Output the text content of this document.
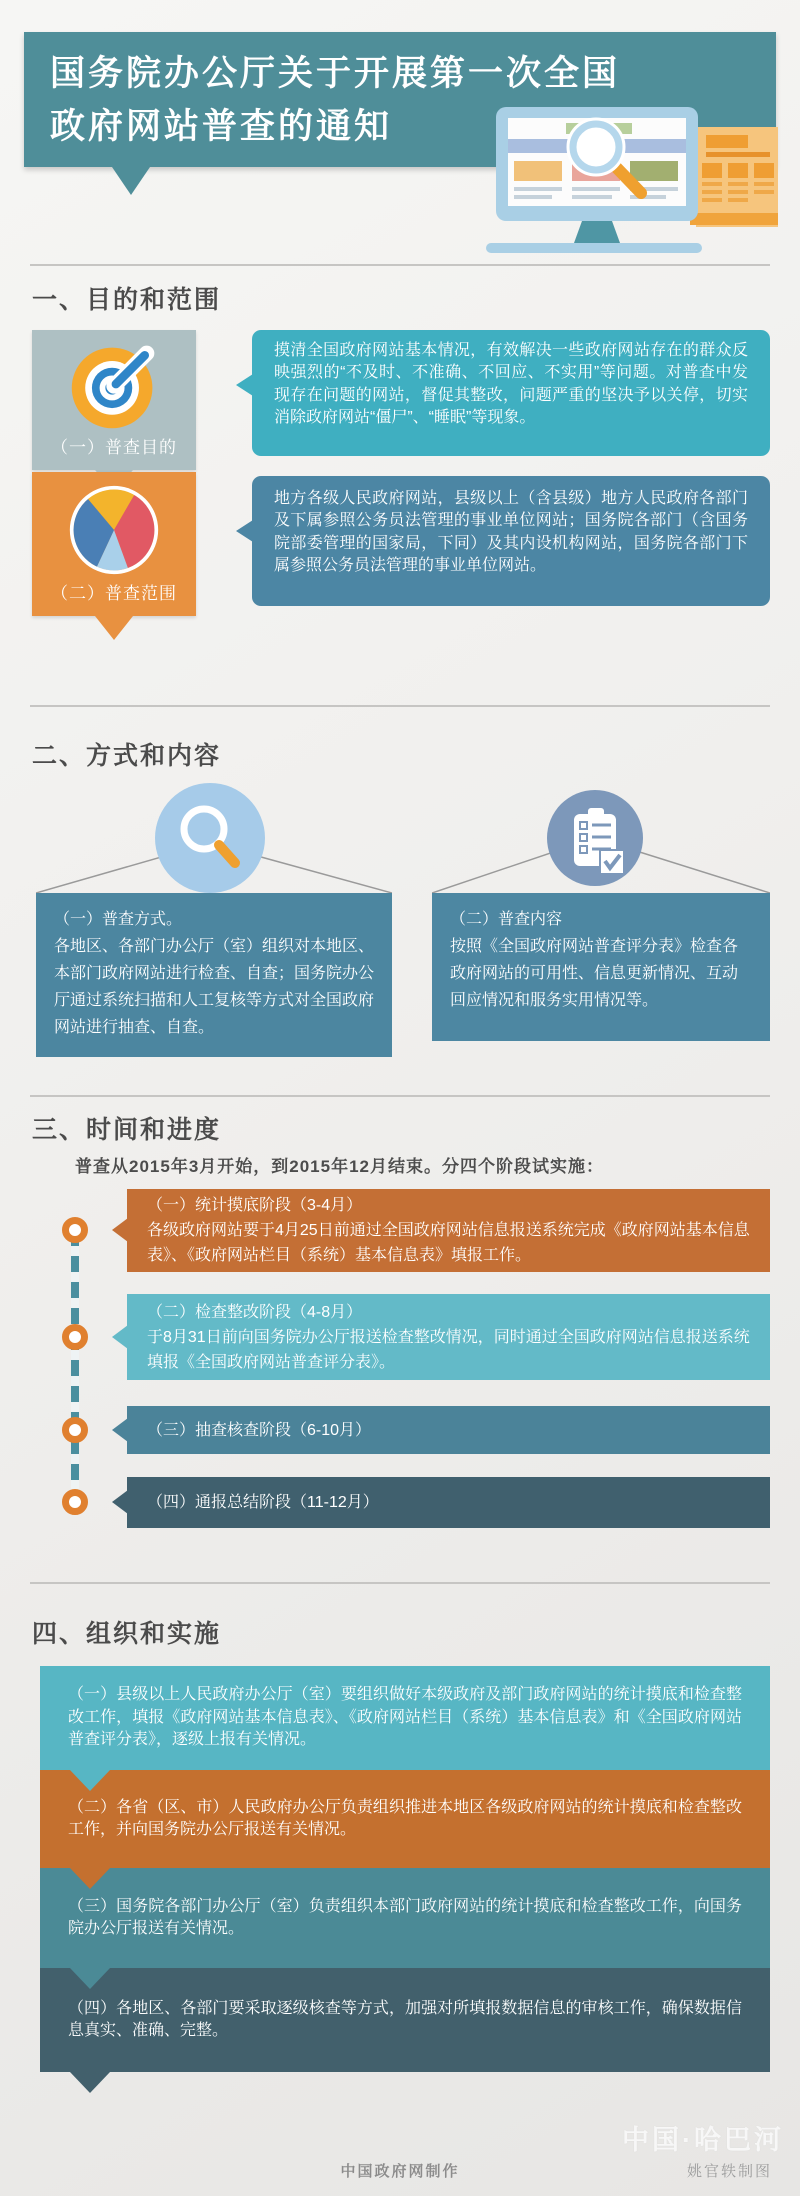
国务院办公厅关于开展第一次全国
政府网站普查的通知
一、目的和范围
（一）普查目的
摸清全国政府网站基本情况，有效解决一些政府网站存在的群众反映强烈的“不及时、不准确、不回应、不实用”等问题。对普查中发现存在问题的网站，督促其整改，问题严重的坚决予以关停，切实消除政府网站“僵尸”、“睡眠”等现象。
（二）普查范围
地方各级人民政府网站，县级以上（含县级）地方人民政府各部门及下属参照公务员法管理的事业单位网站；国务院各部门（含国务院部委管理的国家局，下同）及其内设机构网站，国务院各部门下属参照公务员法管理的事业单位网站。
二、方式和内容
（一）普查方式。
各地区、各部门办公厅（室）组织对本地区、本部门政府网站进行检查、自查；国务院办公厅通过系统扫描和人工复核等方式对全国政府网站进行抽查、自查。
（二）普查内容
按照《全国政府网站普查评分表》检查各政府网站的可用性、信息更新情况、互动回应情况和服务实用情况等。
三、时间和进度
普查从2015年3月开始，到2015年12月结束。分四个阶段试实施：
（一）统计摸底阶段（3-4月）
各级政府网站要于4月25日前通过全国政府网站信息报送系统完成《政府网站基本信息表》、《政府网站栏目（系统）基本信息表》填报工作。
（二）检查整改阶段（4-8月）
于8月31日前向国务院办公厅报送检查整改情况，同时通过全国政府网站信息报送系统填报《全国政府网站普查评分表》。
（三）抽查核查阶段（6-10月）
（四）通报总结阶段（11-12月）
四、组织和实施
（一）县级以上人民政府办公厅（室）要组织做好本级政府及部门政府网站的统计摸底和检查整改工作，填报《政府网站基本信息表》、《政府网站栏目（系统）基本信息表》和《全国政府网站普查评分表》，逐级上报有关情况。
（二）各省（区、市）人民政府办公厅负责组织推进本地区各级政府网站的统计摸底和检查整改工作，并向国务院办公厅报送有关情况。
（三）国务院各部门办公厅（室）负责组织本部门政府网站的统计摸底和检查整改工作，向国务院办公厅报送有关情况。
（四）各地区、各部门要采取逐级核查等方式，加强对所填报数据信息的审核工作，确保数据信息真实、准确、完整。
中国·哈巴河
中国政府网制作	姚官轶制图
